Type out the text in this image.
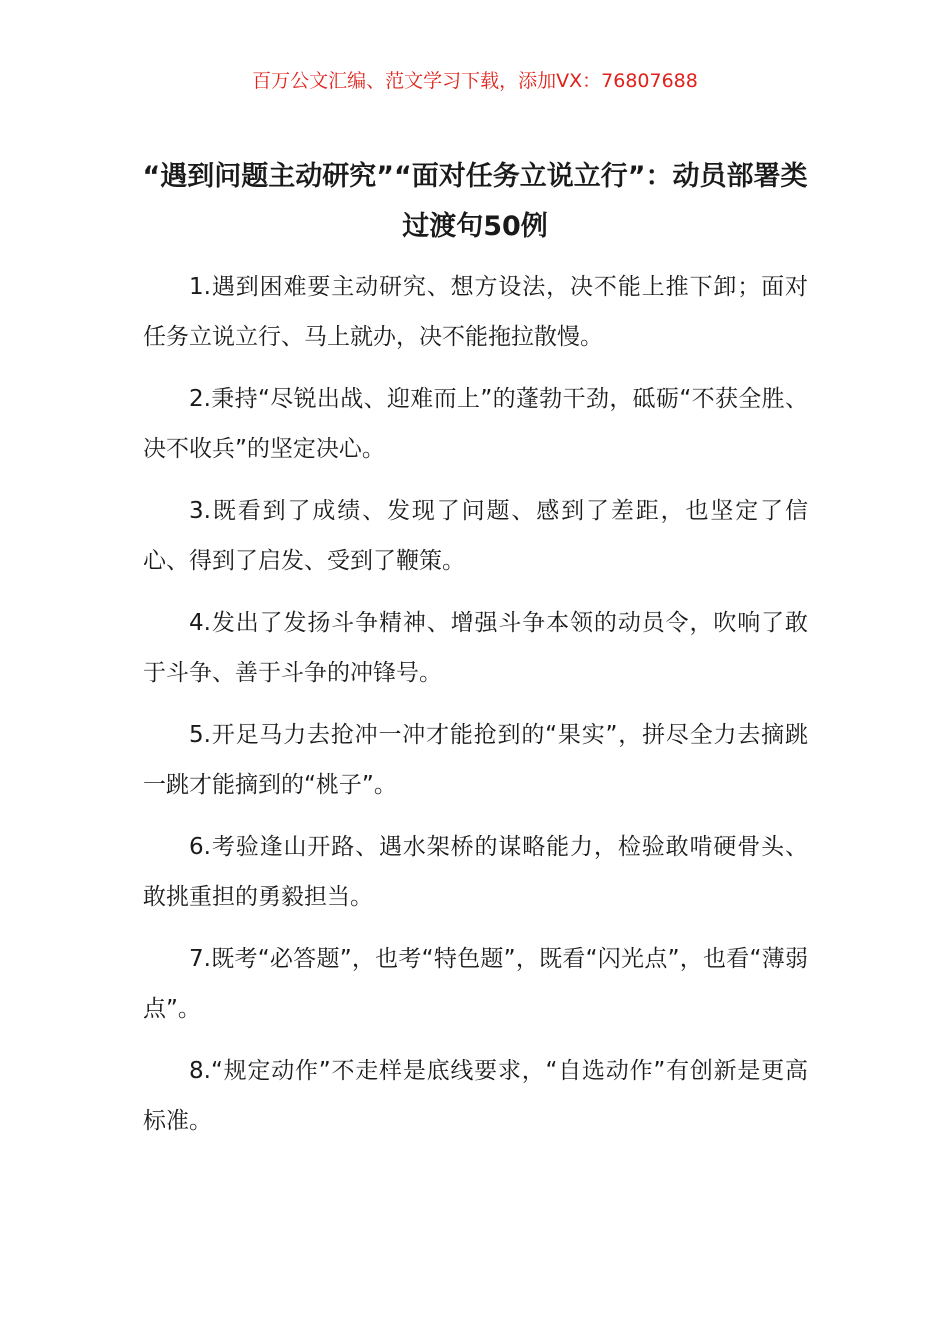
百万公文汇编、范文学习下载，添加VX：76807688
“遇到问题主动研究”“面对任务立说立行”：动员部署类过渡句50例

1.遇到困难要主动研究、想方设法，决不能上推下卸；面对任务立说立行、马上就办，决不能拖拉散慢。

2.秉持“尽锐出战、迎难而上”的蓬勃干劲，砥砺“不获全胜、决不收兵”的坚定决心。

3.既看到了成绩、发现了问题、感到了差距，也坚定了信心、得到了启发、受到了鞭策。

4.发出了发扬斗争精神、增强斗争本领的动员令，吹响了敢于斗争、善于斗争的冲锋号。

5.开足马力去抢冲一冲才能抢到的“果实”，拼尽全力去摘跳一跳才能摘到的“桃子”。

6.考验逢山开路、遇水架桥的谋略能力，检验敢啃硬骨头、敢挑重担的勇毅担当。

7.既考“必答题”，也考“特色题”，既看“闪光点”，也看“薄弱点”。

8.“规定动作”不走样是底线要求，“自选动作”有创新是更高标准。
